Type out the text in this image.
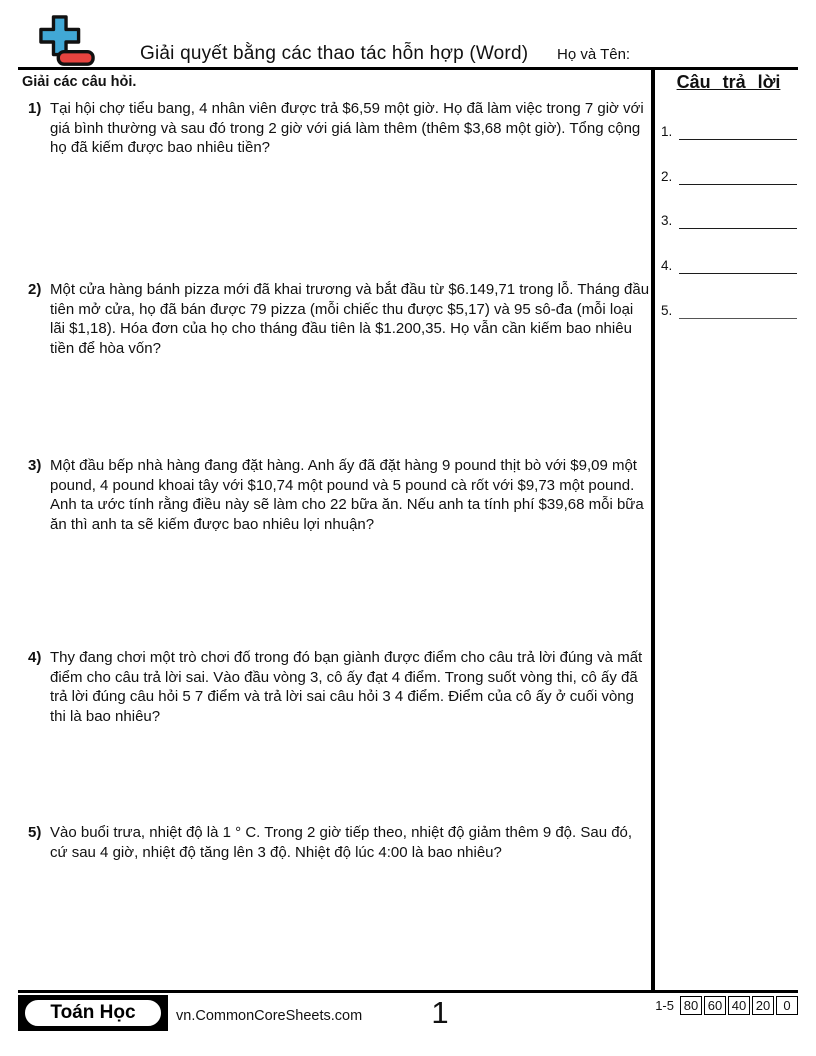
Giải quyết bằng các thao tác hỗn hợp (Word) Họ và Tên:
Giải các câu hỏi.
1) Tại hội chợ tiểu bang, 4 nhân viên được trả $6,59 một giờ. Họ đã làm việc trong 7 giờ với giá bình thường và sau đó trong 2 giờ với giá làm thêm (thêm $3,68 một giờ). Tổng cộng họ đã kiếm được bao nhiêu tiền?
2) Một cửa hàng bánh pizza mới đã khai trương và bắt đầu từ $6.149,71 trong lỗ. Tháng đầu tiên mở cửa, họ đã bán được 79 pizza (mỗi chiếc thu được $5,17) và 95 sô-đa (mỗi loại lãi $1,18). Hóa đơn của họ cho tháng đầu tiên là $1.200,35. Họ vẫn cần kiếm bao nhiêu tiền để hòa vốn?
3) Một đầu bếp nhà hàng đang đặt hàng. Anh ấy đã đặt hàng 9 pound thịt bò với $9,09 một pound, 4 pound khoai tây với $10,74 một pound và 5 pound cà rốt với $9,73 một pound. Anh ta ước tính rằng điều này sẽ làm cho 22 bữa ăn. Nếu anh ta tính phí $39,68 mỗi bữa ăn thì anh ta sẽ kiếm được bao nhiêu lợi nhuận?
4) Thy đang chơi một trò chơi đố trong đó bạn giành được điểm cho câu trả lời đúng và mất điểm cho câu trả lời sai. Vào đầu vòng 3, cô ấy đạt 4 điểm. Trong suốt vòng thi, cô ấy đã trả lời đúng câu hỏi 5 7 điểm và trả lời sai câu hỏi 3 4 điểm. Điểm của cô ấy ở cuối vòng thi là bao nhiêu?
5) Vào buổi trưa, nhiệt độ là 1 ° C. Trong 2 giờ tiếp theo, nhiệt độ giảm thêm 9 độ. Sau đó, cứ sau 4 giờ, nhiệt độ tăng lên 3 độ. Nhiệt độ lúc 4:00 là bao nhiêu?
Câu trả lời
1.
2.
3.
4.
5.
Toán Học	vn.CommonCoreSheets.com	1	1-5 80 60 40 20	0
